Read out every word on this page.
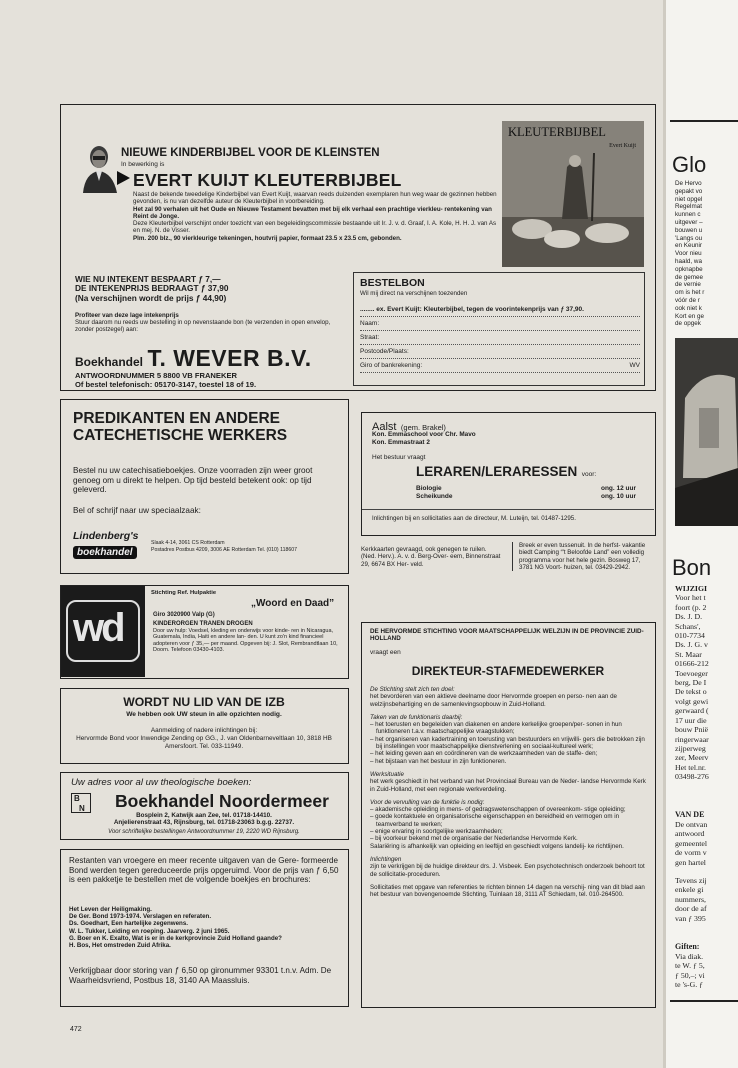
472
NIEUWE KINDERBIJBEL VOOR DE KLEINSTEN
In bewerking is
EVERT KUIJT KLEUTERBIJBEL
Naast de bekende tweedelige Kinderbijbel van Evert Kuijt, waarvan reeds duizenden exemplaren hun weg waar de gezinnen hebben gevonden, is nu van dezelfde auteur de Kleuterbijbel in voorbereiding.
Het zal 90 verhalen uit het Oude en Nieuwe Testament bevatten met bij elk verhaal een prachtige vierkleu- rentekening van Reint de Jonge.
Deze Kleuterbijbel verschijnt onder toezicht van een begeleidingscommissie bestaande uit Ir. J. v. d. Graaf, I. A. Kole, H. H. J. van As en mej. N. de Visser.
Plm. 200 blz., 90 vierkleurige tekeningen, houtvrij papier, formaat 23.5 x 23.5 cm, gebonden.
KLEUTERBIJBEL
Evert Kuijt
WIE NU INTEKENT BESPAART ƒ 7,—
DE INTEKENPRIJS BEDRAAGT ƒ 37,90
(Na verschijnen wordt de prijs ƒ 44,90)
Profiteer van deze lage intekenprijs
Stuur daarom nu reeds uw bestelling in op nevenstaande bon (te verzenden in open envelop, zonder postzegel) aan:
Boekhandel T. WEVER B.V.
ANTWOORDNUMMER 5 8800 VB FRANEKER
Of bestel telefonisch: 05170-3147, toestel 18 of 19.
BESTELBON
Wil mij direct na verschijnen toezenden
........ ex. Evert Kuijt: Kleuterbijbel, tegen de voorintekenprijs van ƒ 37,90.
Naam:
Straat:
Postcode/Plaats:
Giro of bankrekening:	WV
PREDIKANTEN EN ANDERE
CATECHETISCHE WERKERS
Bestel nu uw catechisatieboekjes. Onze voorraden zijn weer groot genoeg om u direkt te helpen. Op tijd besteld betekent ook: op tijd geleverd.
Bel of schrijf naar uw speciaalzaak:
Lindenberg's
boekhandel
Slaak 4-14, 3061 CS Rotterdam
Postadres Postbus 4209, 3006 AE Rotterdam Tel. (010) 118607
Aalst (gem. Brakel)
Kon. Emmaschool voor Chr. Mavo
Kon. Emmastraat 2
Het bestuur vraagt
LERAREN/LERARESSEN voor:
Biologie	ong. 12 uur
Scheikunde	ong. 10 uur
Inlichtingen bij en sollicitaties aan de directeur, M. Luteijn, tel. 01487-1295.
Kerkkaarten gevraagd, ook genegen te ruilen. (Ned. Herv.). A. v. d. Berg-Over- eem, Binnenstraat 29, 6674 BX Her- veld.
Breek er even tussenuit. In de herfst- vakantie biedt Camping “'t Beloofde Land” een volledig programma voor het hele gezin. Bosweg 17, 3781 NG Voort- huizen, tel. 03429-2942.
wd
Stichting Ref. Hulpaktie
„Woord en Daad”
Giro 3020900 Valp (G)
KINDERORGEN TRANEN DROGEN
Door uw hulp: Voedsel, kleding en onderwijs voor kinde- ren in Nicaragua, Guatemala, India, Haiti en andere lan- den. U kunt zo'n kind financieel adopteren voor ƒ 35,— per maand. Opgeven bij: J. Slot, Rembrandtlaan 10, Doorn. Telefoon 03430-4103.
WORDT NU LID VAN DE IZB
We hebben ook UW steun in alle opzichten nodig.
Aanmelding of nadere inlichtingen bij:
Hervormde Bond voor Inwendige Zending op GG., J. van Oldenbarneveltlaan 10, 3818 HB Amersfoort. Tel. 033-11949.
Uw adres voor al uw theologische boeken:
B
N Boekhandel Noordermeer
Bosplein 2, Katwijk aan Zee, tel. 01718-14410.
Anjelierenstraat 43, Rijnsburg, tel. 01718-23063 b.g.g. 22737.
Voor schriftelijke bestellingen Antwoordnummer 19, 2220 WD Rijnsburg.
Restanten van vroegere en meer recente uitgaven van de Gere- formeerde Bond werden tegen gereduceerde prijs opgeruimd. Voor de prijs van ƒ 6,50 is een pakketje te bestellen met de volgende boekjes en brochures:
Het Leven der Heiligmaking.
De Ger. Bond 1973-1974. Verslagen en referaten.
Ds. Goedhart, Een hartelijke zegenwens.
W. L. Tukker, Leiding en roeping. Jaarverg. 2 juni 1965.
G. Boer en K. Exalto, Wat is er in de kerkprovincie Zuid Holland gaande?
H. Bos, Het omstreden Zuid Afrika.
Verkrijgbaar door storing van ƒ 6,50 op gironummer 93301 t.n.v. Adm. De Waarheidsvriend, Postbus 18, 3140 AA Maassluis.
DE HERVORMDE STICHTING VOOR MAATSCHAPPELIJK WELZIJN IN DE PROVINCIE ZUID-HOLLAND
vraagt een
DIREKTEUR-STAFMEDEWERKER
De Stichting stelt zich ten doel:
het bevorderen van een aktieve deelname door Hervormde groepen en perso- nen aan de welzijnsbehartiging en de samenlevingsopbouw in Zuid-Holland.
Taken van de funktionaris daarbij:
– het toerusten en begeleiden van diakenen en andere kerkelijke groepen/per- sonen in hun funktioneren t.a.v. maatschappelijke vraagstukken;
– het organiseren van kadertraining en toerusting van bestuurders en vrijwilli- gers die betrokken zijn bij instellingen voor maatschappelijke dienstverlening en sociaal-kultureel werk;
– het leiding geven aan en coördineren van de werkzaamheden van de staffe- den;
– het bijstaan van het bestuur in zijn funktioneren.
Werksituatie
het werk geschiedt in het verband van het Provinciaal Bureau van de Neder- landse Hervormde Kerk in Zuid-Holland, met een regionale werkverdeling.
Voor de vervulling van de funktie is nodig:
– akademische opleiding in mens- of gedragswetenschappen of overeenkom- stige opleiding;
– goede kontaktuele en organisatorische eigenschappen en bereidheid en vermogen om in teamverband te werken;
– enige ervaring in soortgelijke werkzaamheden;
– bij voorkeur bekend met de organisatie der Nederlandse Hervormde Kerk.
Salariëring is afhankelijk van opleiding en leeftijd en geschiedt volgens landelij- ke richtlijnen.
Inlichtingen
zijn te verkrijgen bij de huidige direkteur drs. J. Visbeek. Een psychotechnisch onderzoek behoort tot de sollicitatie-proceduren.
Sollicitaties met opgave van referenties te richten binnen 14 dagen na verschij- ning van dit blad aan het bestuur van bovengenoemde Stichting, Tuinlaan 18, 3111 AT Schiedam, tel. 010-264500.
Glo
De Hervo
gepakt vo
niet opgel
Regelmat
kunnen c
uitgever –
bouwen u
'Langs ou
en Keunir
Voor nieu
haald, wa
opknapbe
de gemee
de vernie
om is het r
vóór de r
ook niet k
Kort en ge
de opgek
Bon
WIJZIGI
Voor het t
foort (p. 2
Ds. J. D.
Schans',
010-7734
Ds. J. G. v
St. Maar
01666-212
Toevoeger
berg, De I
De tekst o
volgt gewi
gerwaard (
17 uur die
bouw Pnië
ringerwaar
zijperweg
zer, Meerv
Het tel.nr.
03498-276
VAN DE
De ontvan
antwoord
gemeentel
de vorm v
gen hartel
Tevens zij
enkele gi
nummers,
door de af
van ƒ 395
Giften:
Via diak.
te W. ƒ 5,
ƒ 50,–; vi
te 's-G. ƒ
